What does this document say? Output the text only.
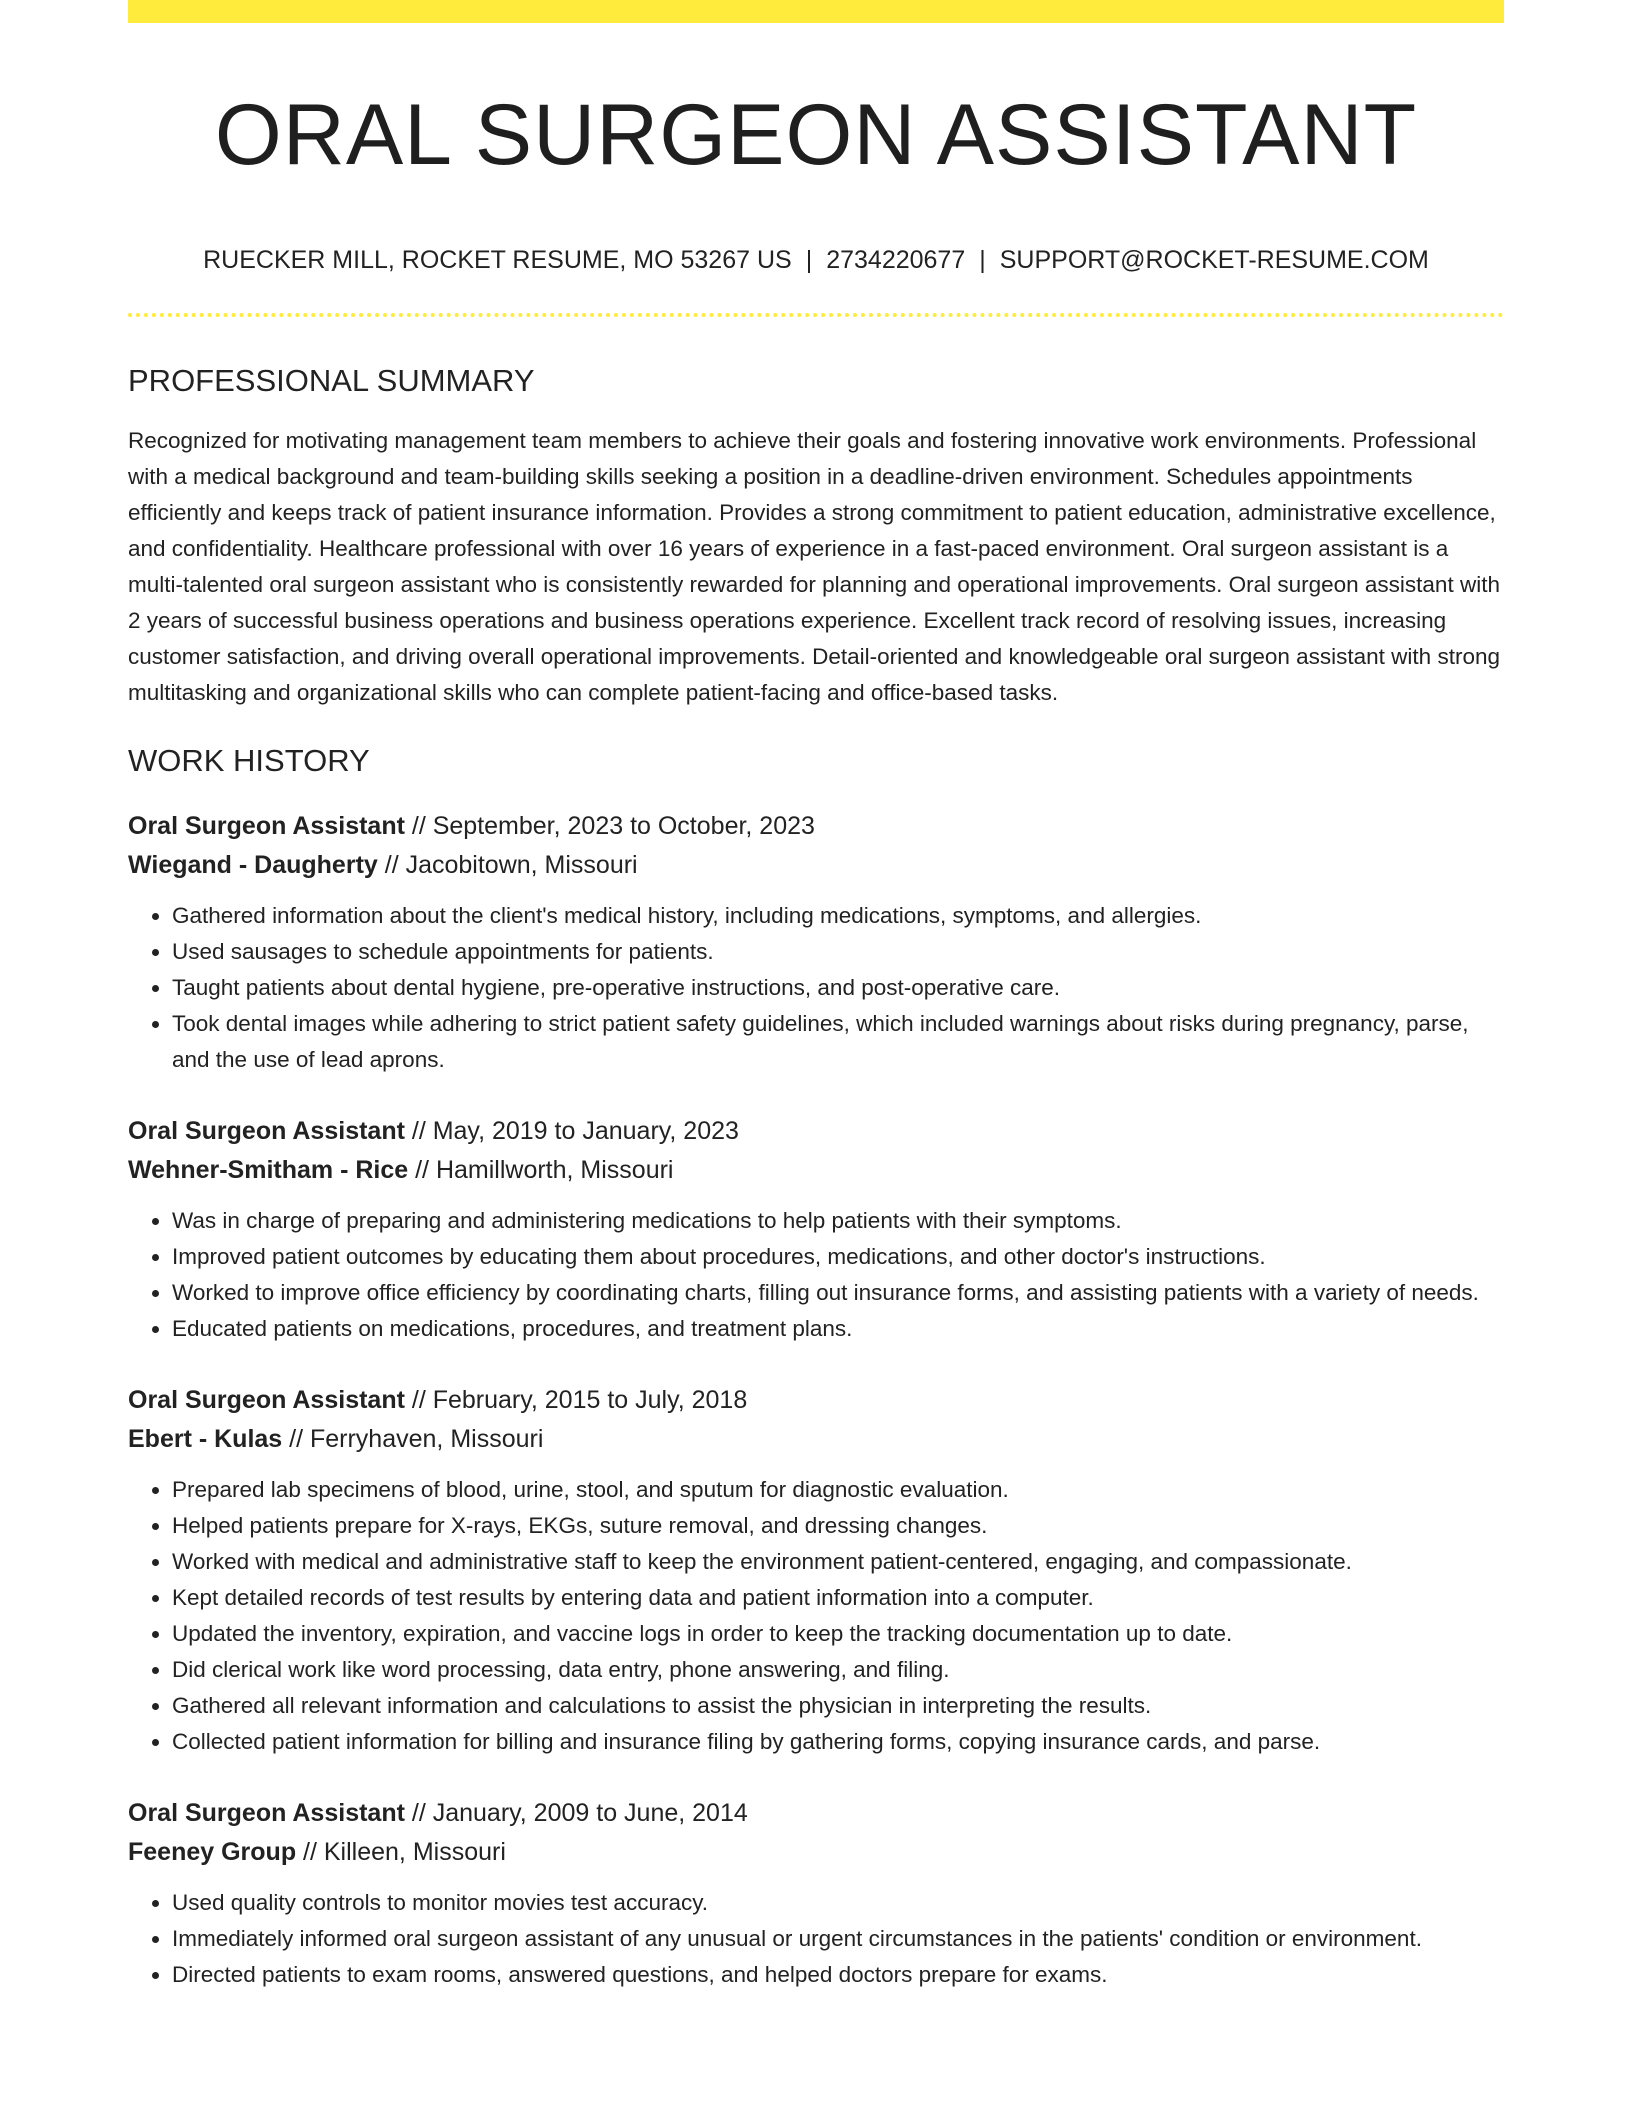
ORAL SURGEON ASSISTANT
RUECKER MILL, ROCKET RESUME, MO 53267 US | 2734220677 | SUPPORT@ROCKET-RESUME.COM
PROFESSIONAL SUMMARY

Recognized for motivating management team members to achieve their goals and fostering innovative work environments. Professional with a medical background and team-building skills seeking a position in a deadline-driven environment. Schedules appointments efficiently and keeps track of patient insurance information. Provides a strong commitment to patient education, administrative excellence, and confidentiality. Healthcare professional with over 16 years of experience in a fast-paced environment. Oral surgeon assistant is a multi-talented oral surgeon assistant who is consistently rewarded for planning and operational improvements. Oral surgeon assistant with 2 years of successful business operations and business operations experience. Excellent track record of resolving issues, increasing customer satisfaction, and driving overall operational improvements. Detail-oriented and knowledgeable oral surgeon assistant with strong multitasking and organizational skills who can complete patient-facing and office-based tasks.

WORK HISTORY
Oral Surgeon Assistant // September, 2023 to October, 2023
Wiegand - Daugherty // Jacobitown, Missouri
• Gathered information about the client's medical history, including medications, symptoms, and allergies.
• Used sausages to schedule appointments for patients.
• Taught patients about dental hygiene, pre-operative instructions, and post-operative care.
• Took dental images while adhering to strict patient safety guidelines, which included warnings about risks during pregnancy, parse, and the use of lead aprons.
Oral Surgeon Assistant // May, 2019 to January, 2023
Wehner-Smitham - Rice // Hamillworth, Missouri
• Was in charge of preparing and administering medications to help patients with their symptoms.
• Improved patient outcomes by educating them about procedures, medications, and other doctor's instructions.
• Worked to improve office efficiency by coordinating charts, filling out insurance forms, and assisting patients with a variety of needs.
• Educated patients on medications, procedures, and treatment plans.
Oral Surgeon Assistant // February, 2015 to July, 2018
Ebert - Kulas // Ferryhaven, Missouri
• Prepared lab specimens of blood, urine, stool, and sputum for diagnostic evaluation.
• Helped patients prepare for X-rays, EKGs, suture removal, and dressing changes.
• Worked with medical and administrative staff to keep the environment patient-centered, engaging, and compassionate.
• Kept detailed records of test results by entering data and patient information into a computer.
• Updated the inventory, expiration, and vaccine logs in order to keep the tracking documentation up to date.
• Did clerical work like word processing, data entry, phone answering, and filing.
• Gathered all relevant information and calculations to assist the physician in interpreting the results.
• Collected patient information for billing and insurance filing by gathering forms, copying insurance cards, and parse.
Oral Surgeon Assistant // January, 2009 to June, 2014
Feeney Group // Killeen, Missouri
• Used quality controls to monitor movies test accuracy.
• Immediately informed oral surgeon assistant of any unusual or urgent circumstances in the patients' condition or environment.
• Directed patients to exam rooms, answered questions, and helped doctors prepare for exams.
